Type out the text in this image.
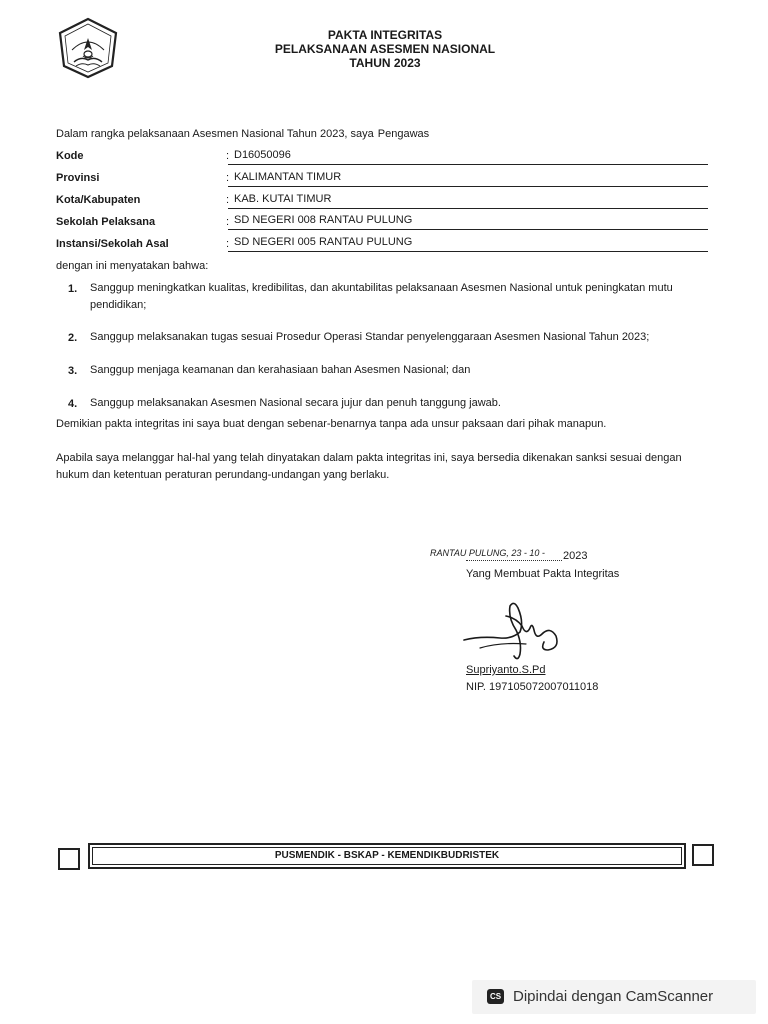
PAKTA INTEGRITAS
PELAKSANAAN ASESMEN NASIONAL
TAHUN 2023
Dalam rangka pelaksanaan Asesmen Nasional Tahun 2023, saya Pengawas
Kode	: D16050096
Provinsi	: KALIMANTAN TIMUR
Kota/Kabupaten	: KAB. KUTAI TIMUR
Sekolah Pelaksana	: SD NEGERI 008 RANTAU PULUNG
Instansi/Sekolah Asal	: SD NEGERI 005 RANTAU PULUNG
dengan ini menyatakan bahwa:
1. Sanggup meningkatkan kualitas, kredibilitas, dan akuntabilitas pelaksanaan Asesmen Nasional untuk peningkatan mutu pendidikan;
2. Sanggup melaksanakan tugas sesuai Prosedur Operasi Standar penyelenggaraan Asesmen Nasional Tahun 2023;
3. Sanggup menjaga keamanan dan kerahasiaan bahan Asesmen Nasional; dan
4. Sanggup melaksanakan Asesmen Nasional secara jujur dan penuh tanggung jawab.
Demikian pakta integritas ini saya buat dengan sebenar-benarnya tanpa ada unsur paksaan dari pihak manapun.
Apabila saya melanggar hal-hal yang telah dinyatakan dalam pakta integritas ini, saya bersedia dikenakan sanksi sesuai dengan hukum dan ketentuan peraturan perundang-undangan yang berlaku.
RANTAU PULUNG, 23 - 10 - 2023
Yang Membuat Pakta Integritas
Supriyanto.S.Pd
NIP. 197105072007011018
PUSMENDIK - BSKAP - KEMENDIKBUDRISTEK
CS Dipindai dengan CamScanner
